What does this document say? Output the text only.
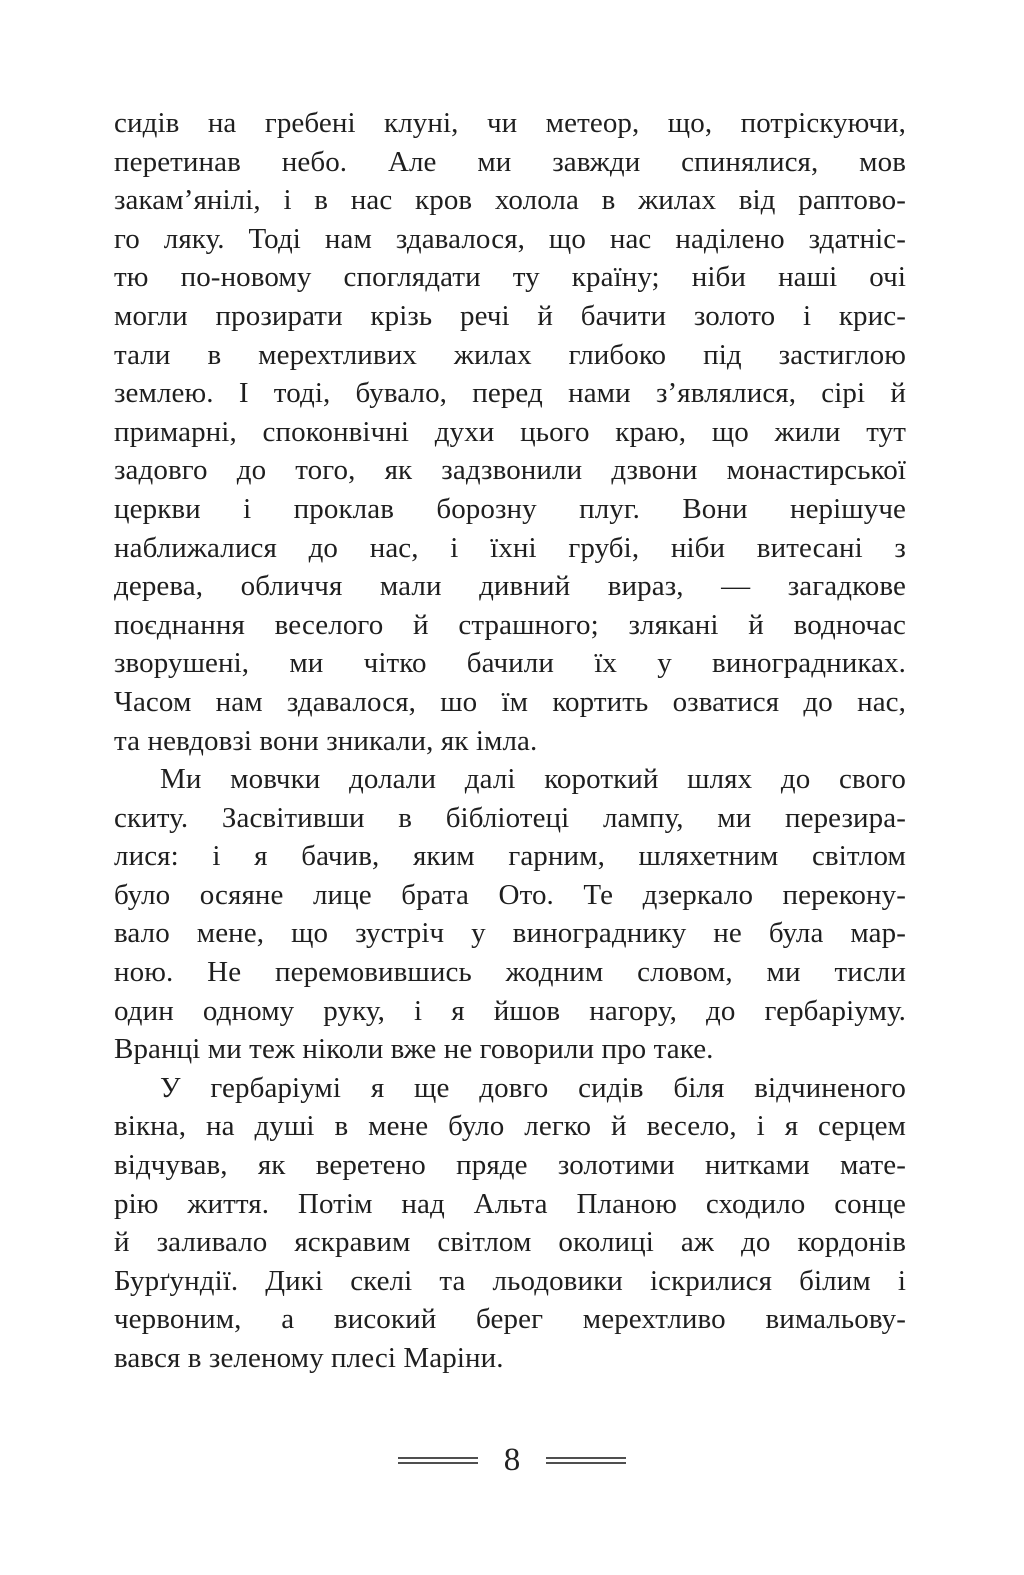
сидів на гребені клуні, чи метеор, що, потріскуючи,
перетинав небо. Але ми завжди спинялися, мов
закам’янілі, і в нас кров холола в жилах від раптово-
го ляку. Тоді нам здавалося, що нас наділено здатніс-
тю по-новому споглядати ту країну; ніби наші очі
могли прозирати крізь речі й бачити золото і крис-
тали в мерехтливих жилах глибоко під застиглою
землею. І тоді, бувало, перед нами з’являлися, сірі й
примарні, споконвічні духи цього краю, що жили тут
задовго до того, як задзвонили дзвони монастирської
церкви і проклав борозну плуг. Вони нерішуче
наближалися до нас, і їхні грубі, ніби витесані з
дерева, обличчя мали дивний вираз, — загадкове
поєднання веселого й страшного; злякані й водночас
зворушені, ми чітко бачили їх у виноградниках.
Часом нам здавалося, шо їм кортить озватися до нас,
та невдовзі вони зникали, як імла.
Ми мовчки долали далі короткий шлях до свого
скиту. Засвітивши в бібліотеці лампу, ми перезира-
лися: і я бачив, яким гарним, шляхетним світлом
було осяяне лице брата Ото. Те дзеркало перекону-
вало мене, що зустріч у винограднику не була мар-
ною. Не перемовившись жодним словом, ми тисли
один одному руку, і я йшов нагору, до гербаріуму.
Вранці ми теж ніколи вже не говорили про таке.
У гербаріумі я ще довго сидів біля відчиненого
вікна, на душі в мене було легко й весело, і я серцем
відчував, як веретено пряде золотими нитками мате-
рію життя. Потім над Альта Планою сходило сонце
й заливало яскравим світлом околиці аж до кордонів
Бурґундії. Дикі скелі та льодовики іскрилися білим і
червоним, а високий берег мерехтливо вимальову-
вався в зеленому плесі Маріни.
8
